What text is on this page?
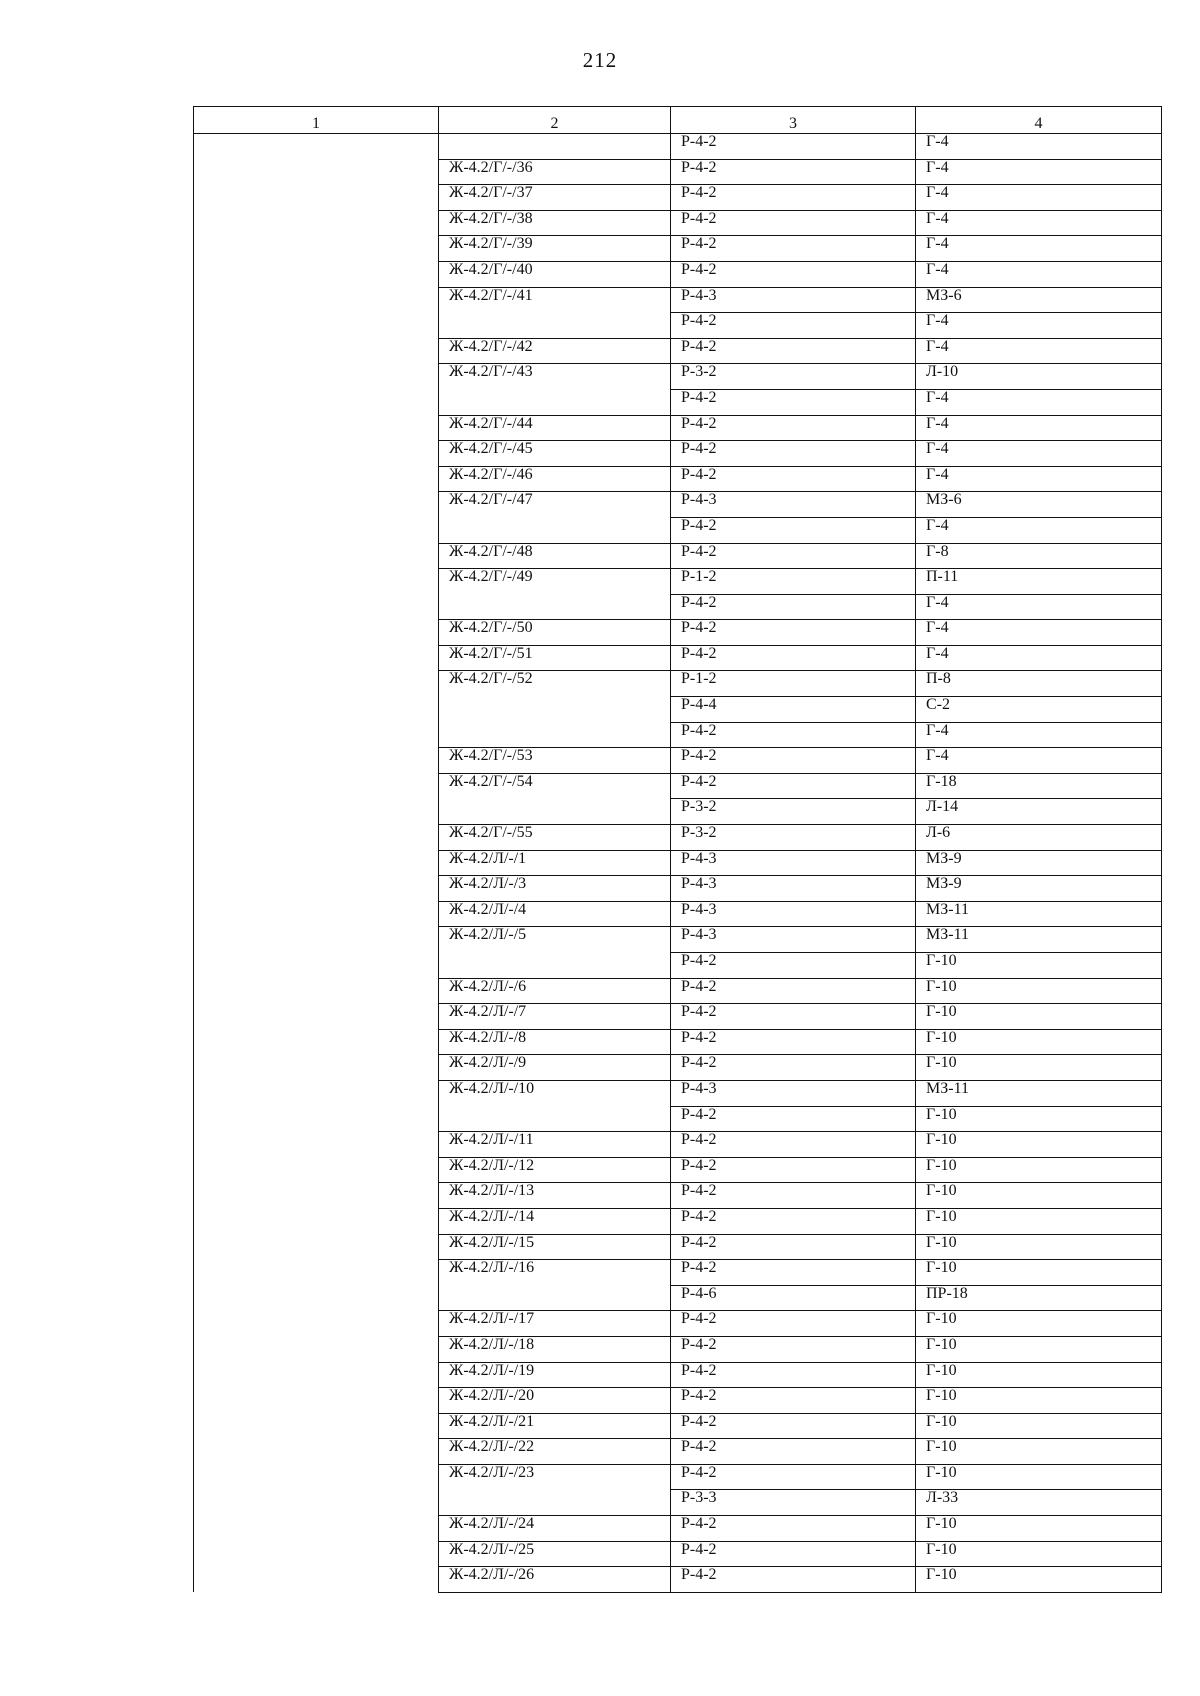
212
1	2	3	4
		Р-4-2	Г-4
	Ж-4.2/Г/-/36	Р-4-2	Г-4
	Ж-4.2/Г/-/37	Р-4-2	Г-4
	Ж-4.2/Г/-/38	Р-4-2	Г-4
	Ж-4.2/Г/-/39	Р-4-2	Г-4
	Ж-4.2/Г/-/40	Р-4-2	Г-4
	Ж-4.2/Г/-/41	Р-4-3	МЗ-6
		Р-4-2	Г-4
	Ж-4.2/Г/-/42	Р-4-2	Г-4
	Ж-4.2/Г/-/43	Р-3-2	Л-10
		Р-4-2	Г-4
	Ж-4.2/Г/-/44	Р-4-2	Г-4
	Ж-4.2/Г/-/45	Р-4-2	Г-4
	Ж-4.2/Г/-/46	Р-4-2	Г-4
	Ж-4.2/Г/-/47	Р-4-3	МЗ-6
		Р-4-2	Г-4
	Ж-4.2/Г/-/48	Р-4-2	Г-8
	Ж-4.2/Г/-/49	Р-1-2	П-11
		Р-4-2	Г-4
	Ж-4.2/Г/-/50	Р-4-2	Г-4
	Ж-4.2/Г/-/51	Р-4-2	Г-4
	Ж-4.2/Г/-/52	Р-1-2	П-8
		Р-4-4	С-2
		Р-4-2	Г-4
	Ж-4.2/Г/-/53	Р-4-2	Г-4
	Ж-4.2/Г/-/54	Р-4-2	Г-18
		Р-3-2	Л-14
	Ж-4.2/Г/-/55	Р-3-2	Л-6
	Ж-4.2/Л/-/1	Р-4-3	МЗ-9
	Ж-4.2/Л/-/3	Р-4-3	МЗ-9
	Ж-4.2/Л/-/4	Р-4-3	МЗ-11
	Ж-4.2/Л/-/5	Р-4-3	МЗ-11
		Р-4-2	Г-10
	Ж-4.2/Л/-/6	Р-4-2	Г-10
	Ж-4.2/Л/-/7	Р-4-2	Г-10
	Ж-4.2/Л/-/8	Р-4-2	Г-10
	Ж-4.2/Л/-/9	Р-4-2	Г-10
	Ж-4.2/Л/-/10	Р-4-3	МЗ-11
		Р-4-2	Г-10
	Ж-4.2/Л/-/11	Р-4-2	Г-10
	Ж-4.2/Л/-/12	Р-4-2	Г-10
	Ж-4.2/Л/-/13	Р-4-2	Г-10
	Ж-4.2/Л/-/14	Р-4-2	Г-10
	Ж-4.2/Л/-/15	Р-4-2	Г-10
	Ж-4.2/Л/-/16	Р-4-2	Г-10
		Р-4-6	ПР-18
	Ж-4.2/Л/-/17	Р-4-2	Г-10
	Ж-4.2/Л/-/18	Р-4-2	Г-10
	Ж-4.2/Л/-/19	Р-4-2	Г-10
	Ж-4.2/Л/-/20	Р-4-2	Г-10
	Ж-4.2/Л/-/21	Р-4-2	Г-10
	Ж-4.2/Л/-/22	Р-4-2	Г-10
	Ж-4.2/Л/-/23	Р-4-2	Г-10
		Р-3-3	Л-33
	Ж-4.2/Л/-/24	Р-4-2	Г-10
	Ж-4.2/Л/-/25	Р-4-2	Г-10
	Ж-4.2/Л/-/26	Р-4-2	Г-10
